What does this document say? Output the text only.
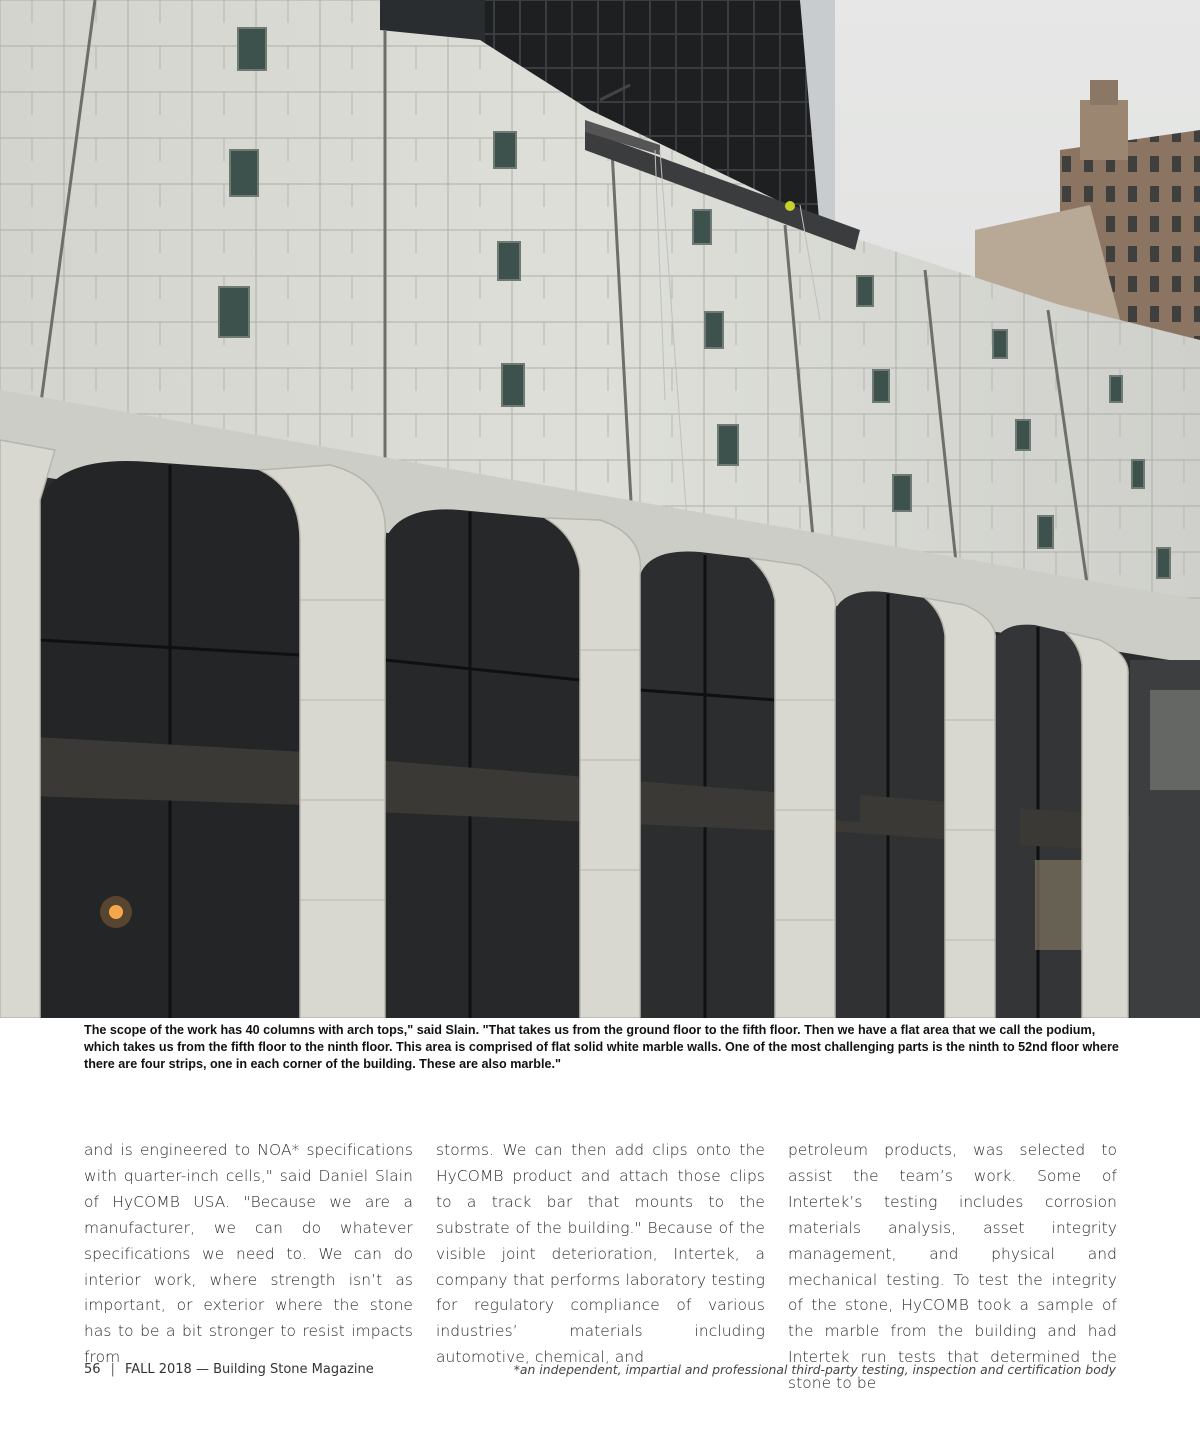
The scope of the work has 40 columns with arch tops," said Slain. "That takes us from the ground floor to the fifth floor. Then we have a flat area that we call the podium, which takes us from the fifth floor to the ninth floor. This area is comprised of flat solid white marble walls. One of the most challenging parts is the ninth to 52nd floor where there are four strips, one in each corner of the building. These are also marble."
and is engineered to NOA* specifications with quarter-inch cells," said Daniel Slain of HyCOMB USA. "Because we are a manufacturer, we can do whatever specifications we need to. We can do interior work, where strength isn’t as important, or exterior where the stone has to be a bit stronger to resist impacts from
storms. We can then add clips onto the HyCOMB product and attach those clips to a track bar that mounts to the substrate of the building." Because of the visible joint deterioration, Intertek, a company that performs laboratory testing for regulatory compliance of various industries’ materials including automotive, chemical, and
petroleum products, was selected to assist the team’s work. Some of Intertek’s testing includes corrosion materials analysis, asset integrity management, and physical and mechanical testing. To test the integrity of the stone, HyCOMB took a sample of the marble from the building and had Intertek run tests that determined the stone to be
56 | FALL 2018 — Building Stone Magazine	*an independent, impartial and professional third-party testing, inspection and certification body
